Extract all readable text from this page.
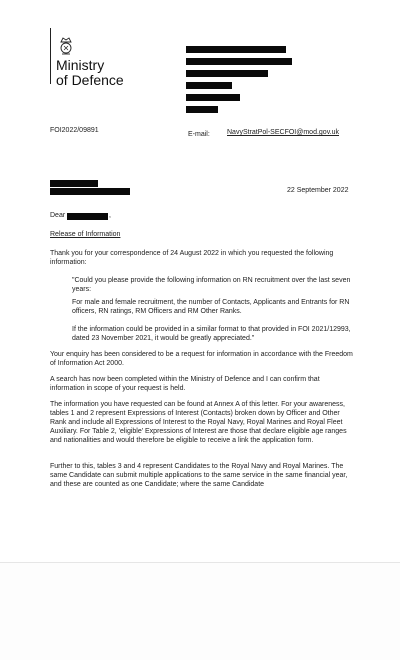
Ministry
of Defence
FOI2022/09891
E-mail: NavyStratPol-SECFOI@mod.gov.uk
22 September 2022
Dear	,
Release of Information

Thank you for your correspondence of 24 August 2022 in which you requested the following information:

"Could you please provide the following information on RN recruitment over the last seven years:

For male and female recruitment, the number of Contacts, Applicants and Entrants for RN officers, RN ratings, RM Officers and RM Other Ranks.

If the information could be provided in a similar format to that provided in FOI 2021/12993, dated 23 November 2021, it would be greatly appreciated."

Your enquiry has been considered to be a request for information in accordance with the Freedom of Information Act 2000.

A search has now been completed within the Ministry of Defence and I can confirm that information in scope of your request is held.

The information you have requested can be found at Annex A of this letter. For your awareness, tables 1 and 2 represent Expressions of Interest (Contacts) broken down by Officer and Other Rank and include all Expressions of Interest to the Royal Navy, Royal Marines and Royal Fleet Auxiliary. For Table 2, 'eligible' Expressions of Interest are those that declare eligible age ranges and nationalities and would therefore be eligible to receive a link the application form.

Further to this, tables 3 and 4 represent Candidates to the Royal Navy and Royal Marines. The same Candidate can submit multiple applications to the same service in the same financial year, and these are counted as one Candidate; where the same Candidate
